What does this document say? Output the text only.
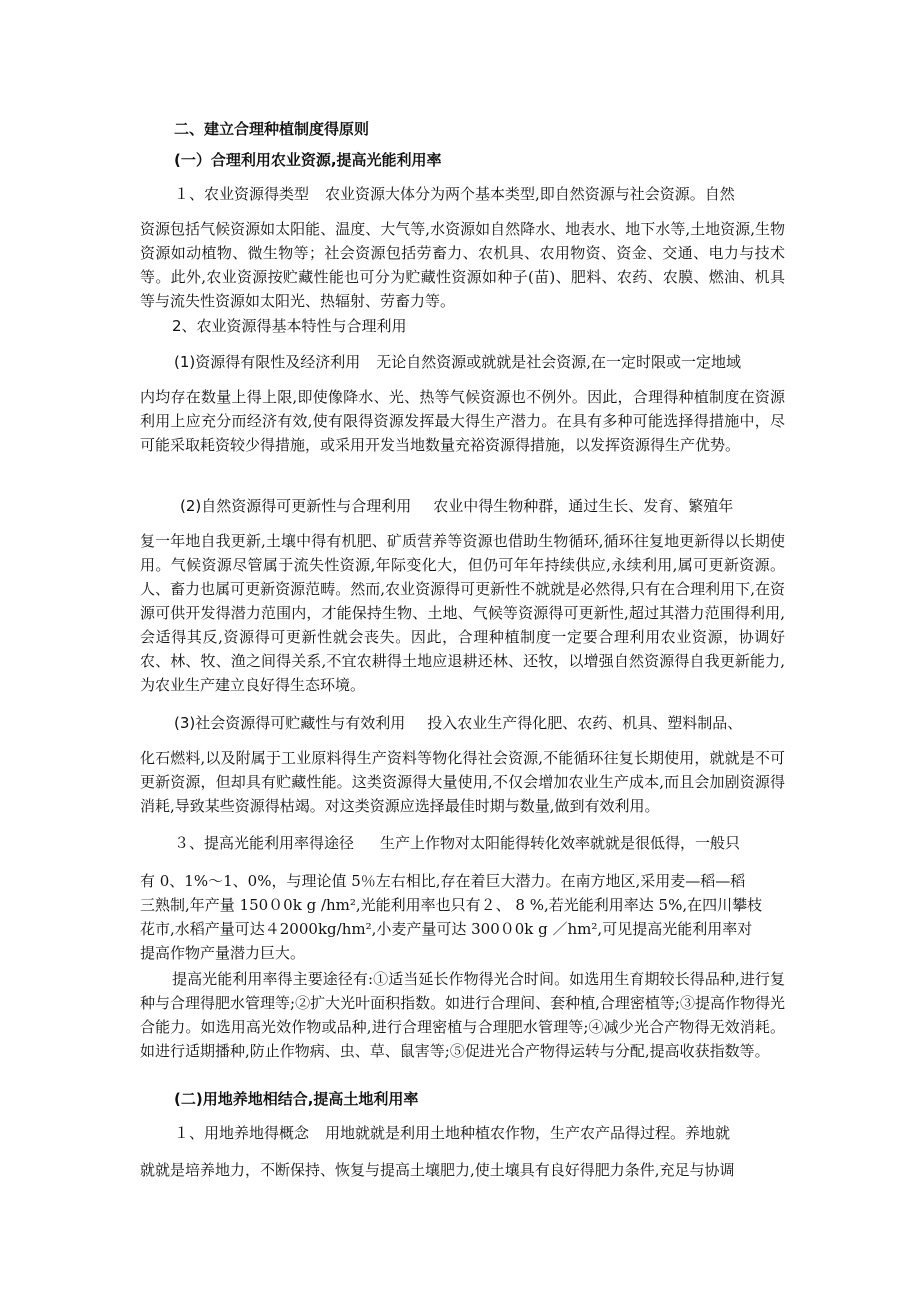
二、建立合理种植制度得原则
(一）合理利用农业资源,提高光能利用率
１、农业资源得类型 农业资源大体分为两个基本类型,即自然资源与社会资源。自然
资源包括气候资源如太阳能、温度、大气等,水资源如自然降水、地表水、地下水等,土地资源,生物资源如动植物、微生物等；社会资源包括劳畜力、农机具、农用物资、资金、交通、电力与技术等。此外,农业资源按贮藏性能也可分为贮藏性资源如种子(苗)、肥料、农药、农膜、燃油、机具等与流失性资源如太阳光、热辐射、劳畜力等。
2、农业资源得基本特性与合理利用
(1)资源得有限性及经济利用 无论自然资源或就就是社会资源,在一定时限或一定地域
内均存在数量上得上限,即使像降水、光、热等气候资源也不例外。因此，合理得种植制度在资源利用上应充分而经济有效,使有限得资源发挥最大得生产潜力。在具有多种可能选择得措施中，尽可能采取耗资较少得措施，或采用开发当地数量充裕资源得措施，以发挥资源得生产优势。
(2)自然资源得可更新性与合理利用 农业中得生物种群，通过生长、发育、繁殖年
复一年地自我更新,土壤中得有机肥、矿质营养等资源也借助生物循环,循环往复地更新得以长期使用。气候资源尽管属于流失性资源,年际变化大，但仍可年年持续供应,永续利用,属可更新资源。人、畜力也属可更新资源范畴。然而,农业资源得可更新性不就就是必然得,只有在合理利用下,在资源可供开发得潜力范围内，才能保持生物、土地、气候等资源得可更新性,超过其潜力范围得利用,会适得其反,资源得可更新性就会丧失。因此，合理种植制度一定要合理利用农业资源，协调好农、林、牧、渔之间得关系,不宜农耕得土地应退耕还林、还牧，以增强自然资源得自我更新能力,为农业生产建立良好得生态环境。
(3)社会资源得可贮藏性与有效利用 投入农业生产得化肥、农药、机具、塑料制品、
化石燃料,以及附属于工业原料得生产资料等物化得社会资源,不能循环往复长期使用，就就是不可更新资源，但却具有贮藏性能。这类资源得大量使用,不仅会增加农业生产成本,而且会加剧资源得消耗,导致某些资源得枯竭。对这类资源应选择最佳时期与数量,做到有效利用。
３、提高光能利用率得途径 生产上作物对太阳能得转化效率就就是很低得，一般只
有 0、1%～1、0%，与理论值 5％左右相比,存在着巨大潜力。在南方地区,采用麦—稻—稻
三熟制,年产量 150０0k g /hm²,光能利用率也只有２、 8 %,若光能利用率达 5%,在四川攀枝
花市,水稻产量可达４2000kg/hm²,小麦产量可达 300０0k g ／hm²,可见提高光能利用率对
提高作物产量潜力巨大。
提高光能利用率得主要途径有:①适当延长作物得光合时间。如选用生育期较长得品种,进行复种与合理得肥水管理等;②扩大光叶面积指数。如进行合理间、套种植,合理密植等;③提高作物得光合能力。如选用高光效作物或品种,进行合理密植与合理肥水管理等;④减少光合产物得无效消耗。如进行适期播种,防止作物病、虫、草、鼠害等;⑤促进光合产物得运转与分配,提高收获指数等。
(二)用地养地相结合,提高土地利用率
１、用地养地得概念 用地就就是利用土地种植农作物，生产农产品得过程。养地就
就就是培养地力，不断保持、恢复与提高土壤肥力,使土壤具有良好得肥力条件,充足与协调
